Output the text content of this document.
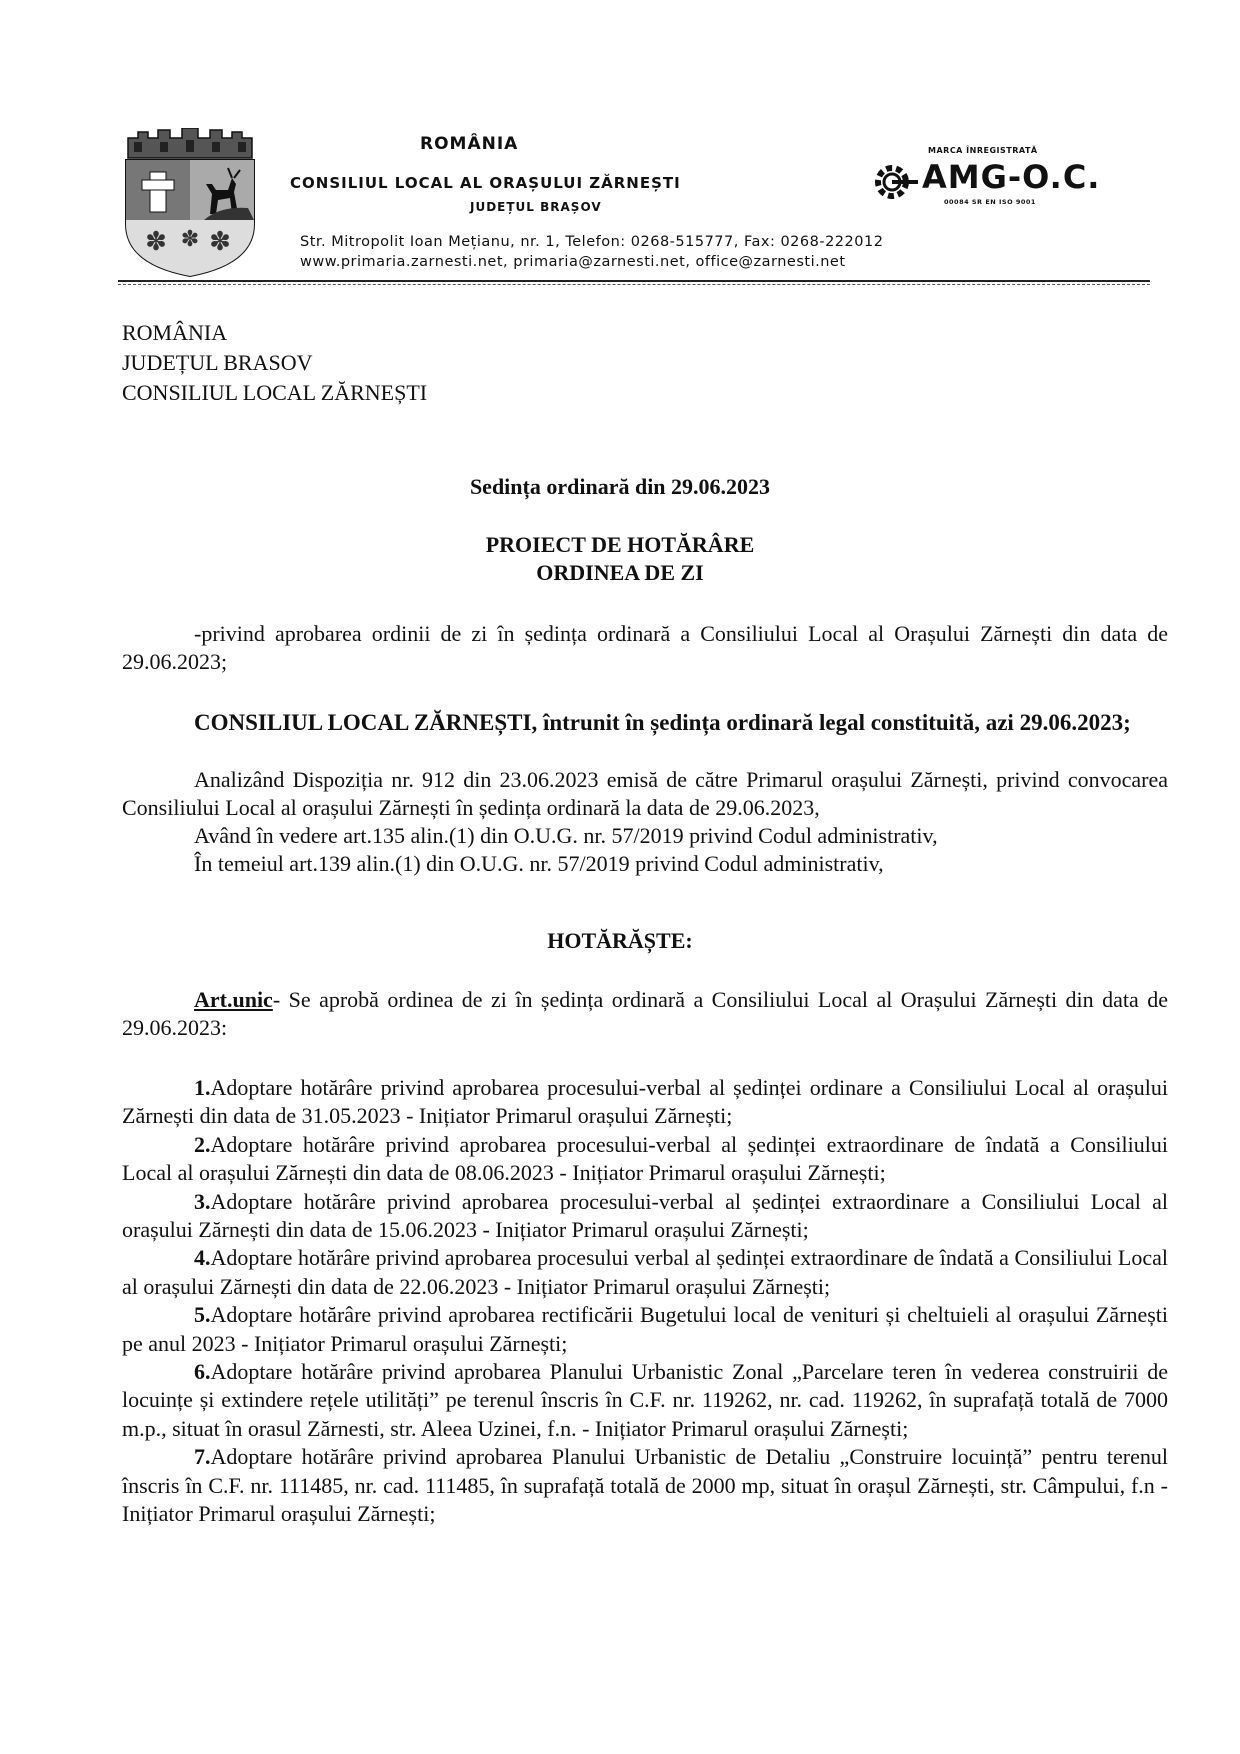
✽ ✽ ✽
ROMÂNIA
CONSILIUL LOCAL AL ORAȘULUI ZĂRNEȘTI
JUDEȚUL BRAȘOV
Str. Mitropolit Ioan Mețianu, nr. 1, Telefon: 0268-515777, Fax: 0268-222012
www.primaria.zarnesti.net, primaria@zarnesti.net, office@zarnesti.net
MARCA ÎNREGISTRATĂ
AMG-O.C.
00084 SR EN ISO 9001
ROMÂNIA
JUDEȚUL BRASOV
CONSILIUL LOCAL ZĂRNEȘTI
Sedința ordinară din 29.06.2023
PROIECT DE HOTĂRÂRE
ORDINEA DE ZI
-privind aprobarea ordinii de zi în ședința ordinară a Consiliului Local al Orașului Zărnești din data de 29.06.2023;
CONSILIUL LOCAL ZĂRNEȘTI, întrunit în ședința ordinară legal constituită, azi 29.06.2023;
Analizând Dispoziția nr. 912 din 23.06.2023 emisă de către Primarul orașului Zărnești, privind convocarea Consiliului Local al orașului Zărnești în ședința ordinară la data de 29.06.2023,
Având în vedere art.135 alin.(1) din O.U.G. nr. 57/2019 privind Codul administrativ,
În temeiul art.139 alin.(1) din O.U.G. nr. 57/2019 privind Codul administrativ,
HOTĂRĂȘTE:
Art.unic- Se aprobă ordinea de zi în ședința ordinară a Consiliului Local al Orașului Zărnești din data de 29.06.2023:
1.Adoptare hotărâre privind aprobarea procesului-verbal al ședinței ordinare a Consiliului Local al orașului Zărnești din data de 31.05.2023 - Inițiator Primarul orașului Zărnești;
2.Adoptare hotărâre privind aprobarea procesului-verbal al ședinței extraordinare de îndată a Consiliului Local al orașului Zărnești din data de 08.06.2023 - Inițiator Primarul orașului Zărnești;
3.Adoptare hotărâre privind aprobarea procesului-verbal al ședinței extraordinare a Consiliului Local al orașului Zărnești din data de 15.06.2023 - Inițiator Primarul orașului Zărnești;
4.Adoptare hotărâre privind aprobarea procesului verbal al ședinței extraordinare de îndată a Consiliului Local al orașului Zărnești din data de 22.06.2023 - Inițiator Primarul orașului Zărnești;
5.Adoptare hotărâre privind aprobarea rectificării Bugetului local de venituri și cheltuieli al orașului Zărnești pe anul 2023 - Inițiator Primarul orașului Zărnești;
6.Adoptare hotărâre privind aprobarea Planului Urbanistic Zonal „Parcelare teren în vederea construirii de locuințe și extindere rețele utilități” pe terenul înscris în C.F. nr. 119262, nr. cad. 119262, în suprafață totală de 7000 m.p., situat în orasul Zărnesti, str. Aleea Uzinei, f.n. - Inițiator Primarul orașului Zărnești;
7.Adoptare hotărâre privind aprobarea Planului Urbanistic de Detaliu „Construire locuință” pentru terenul înscris în C.F. nr. 111485, nr. cad. 111485, în suprafață totală de 2000 mp, situat în orașul Zărnești, str. Câmpului, f.n - Inițiator Primarul orașului Zărnești;
